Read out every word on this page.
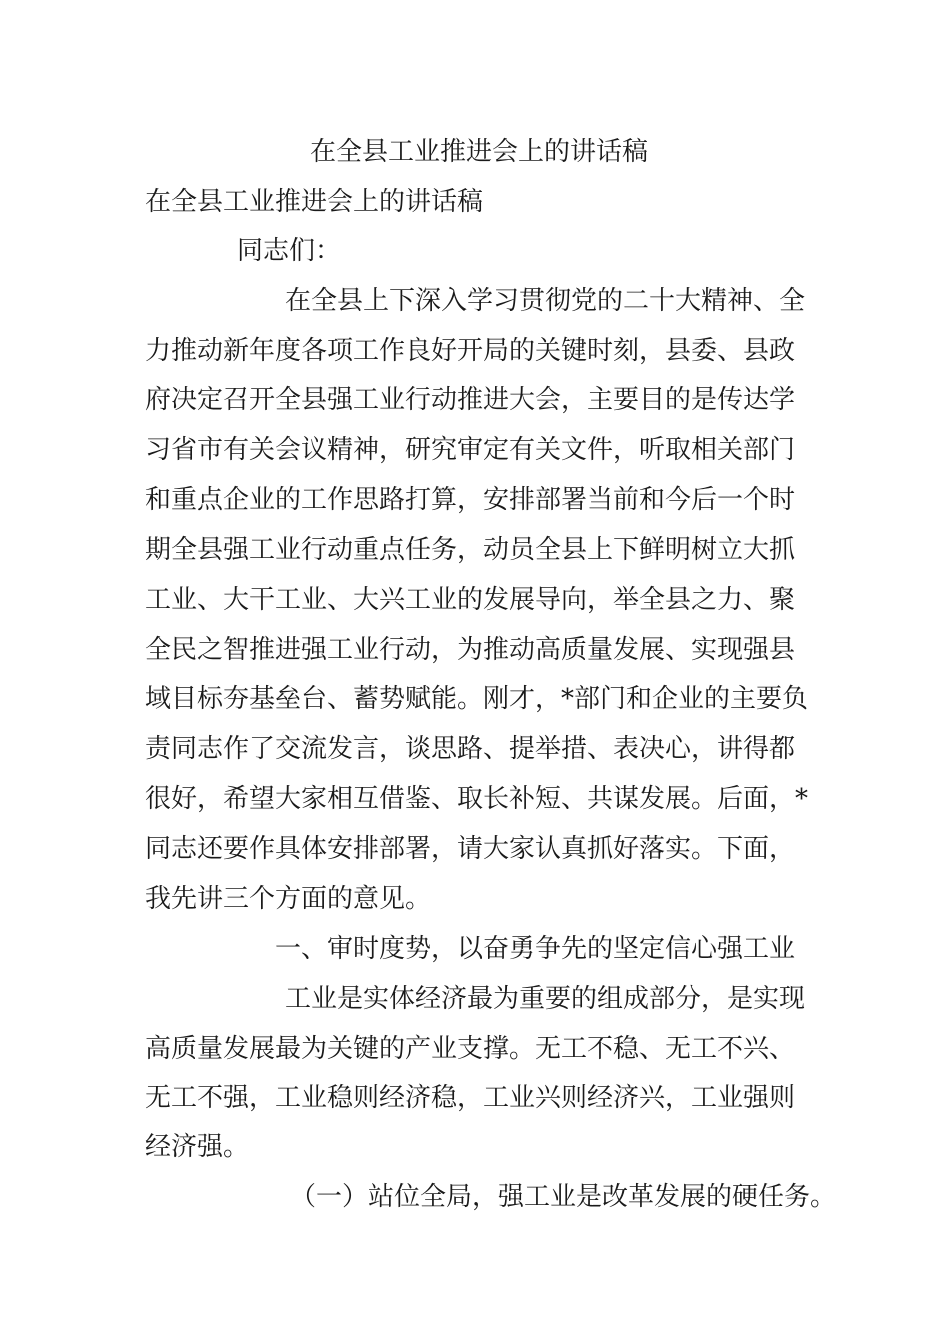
在全县工业推进会上的讲话稿
在全县工业推进会上的讲话稿
同志们：
在全县上下深入学习贯彻党的二十大精神、全
力推动新年度各项工作良好开局的关键时刻，县委、县政
府决定召开全县强工业行动推进大会，主要目的是传达学
习省市有关会议精神，研究审定有关文件，听取相关部门
和重点企业的工作思路打算，安排部署当前和今后一个时
期全县强工业行动重点任务，动员全县上下鲜明树立大抓
工业、大干工业、大兴工业的发展导向，举全县之力、聚
全民之智推进强工业行动，为推动高质量发展、实现强县
域目标夯基垒台、蓄势赋能。刚才，*部门和企业的主要负
责同志作了交流发言，谈思路、提举措、表决心，讲得都
很好，希望大家相互借鉴、取长补短、共谋发展。后面，*
同志还要作具体安排部署，请大家认真抓好落实。下面，
我先讲三个方面的意见。
一、审时度势，以奋勇争先的坚定信心强工业
工业是实体经济最为重要的组成部分，是实现
高质量发展最为关键的产业支撑。无工不稳、无工不兴、
无工不强，工业稳则经济稳，工业兴则经济兴，工业强则
经济强。
（一）站位全局，强工业是改革发展的硬任务。
